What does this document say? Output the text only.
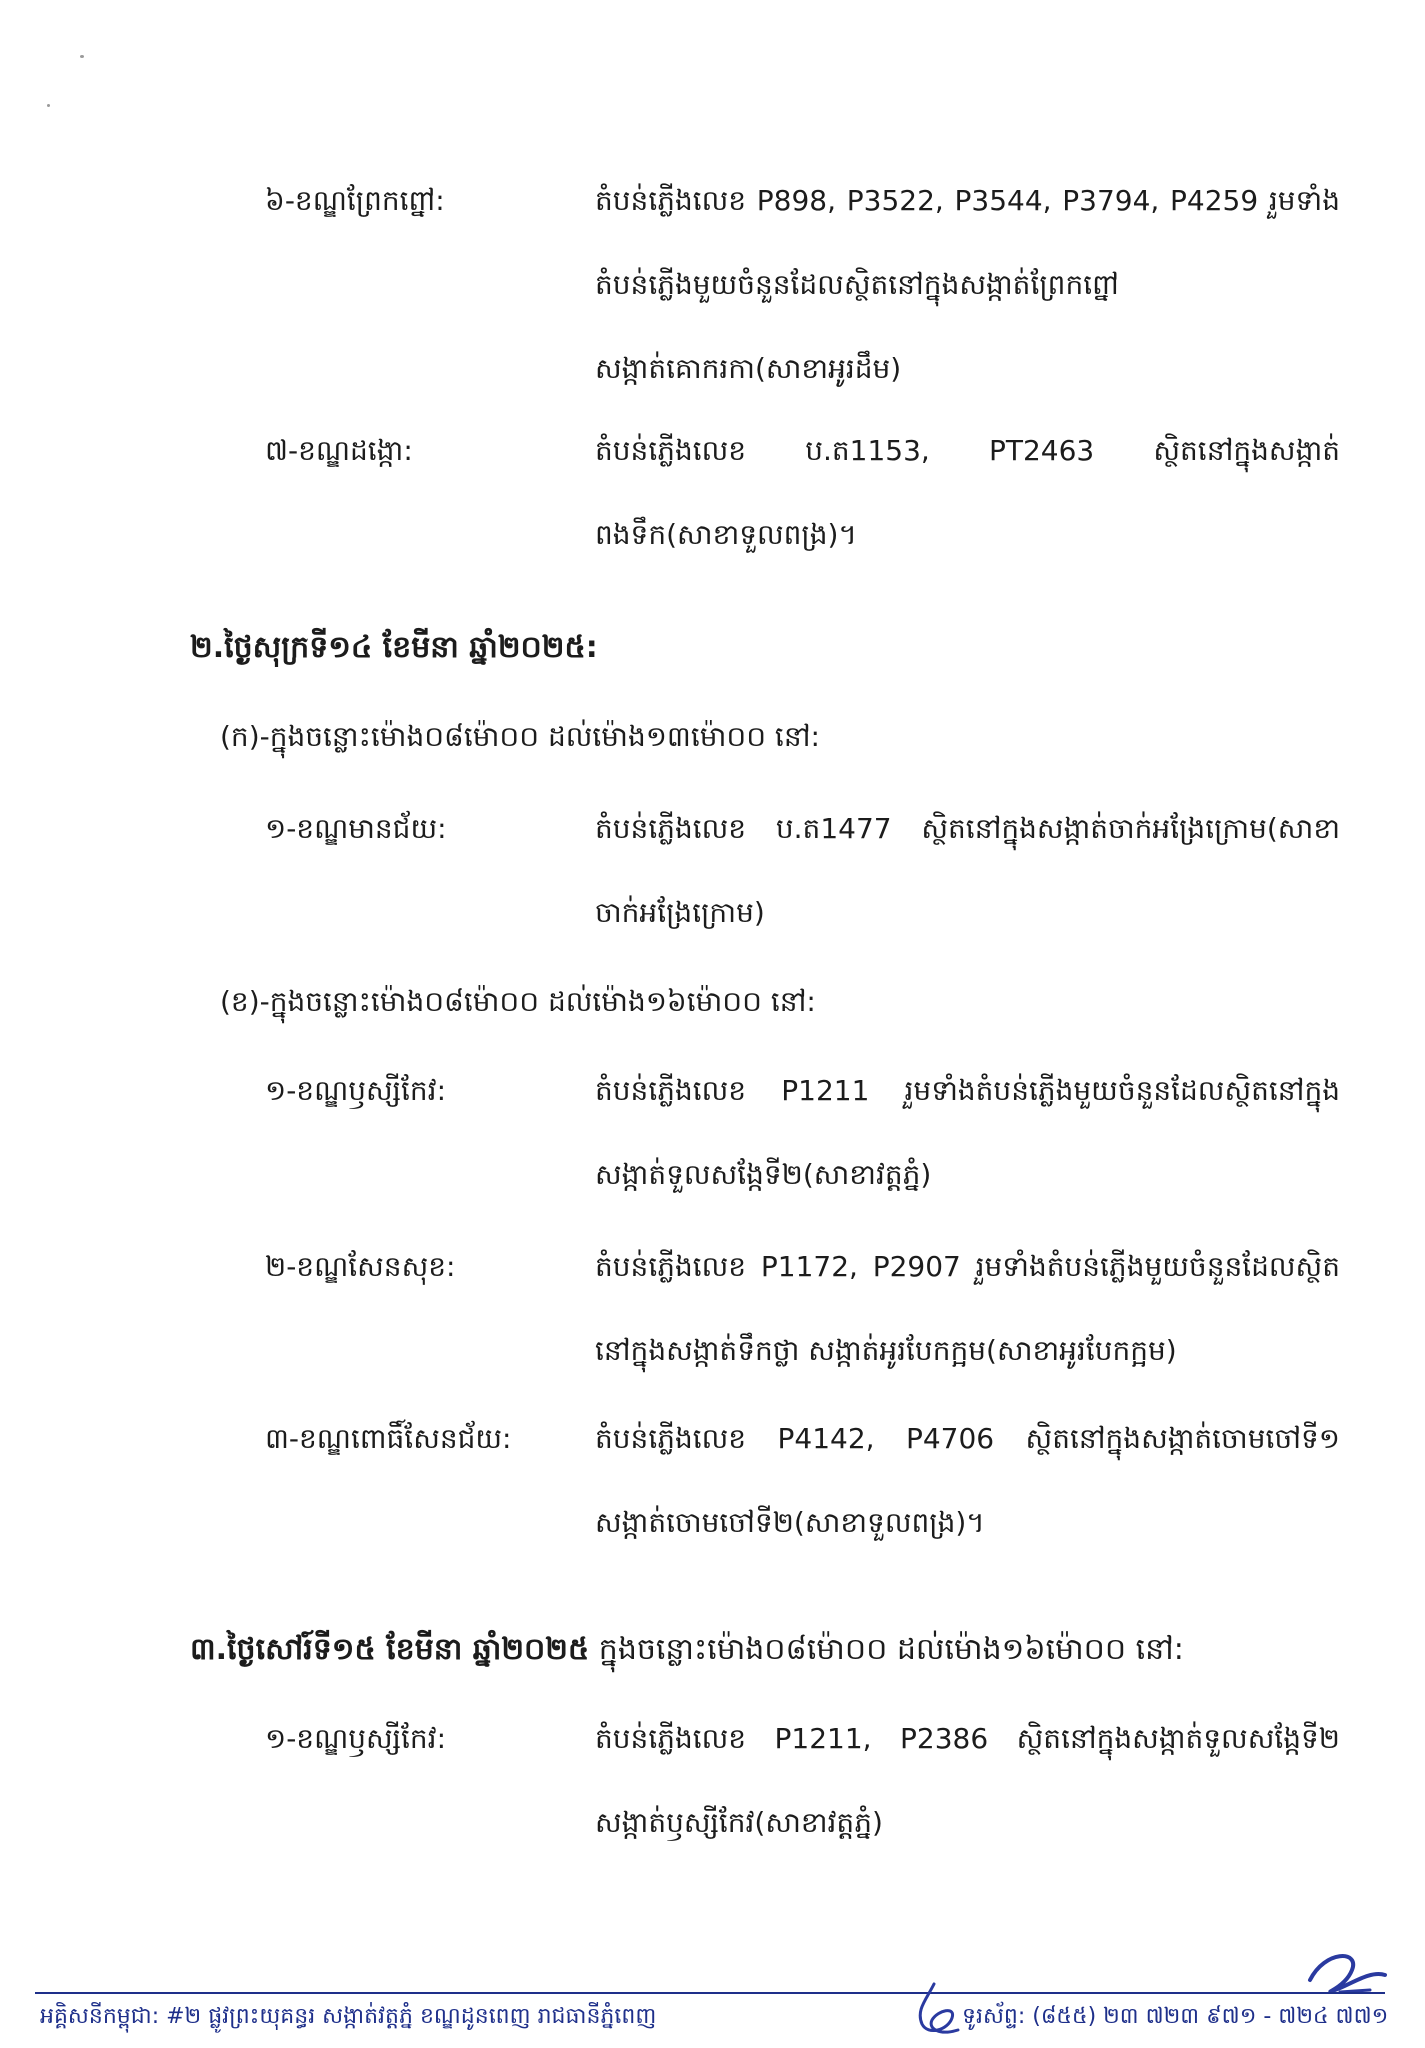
៦-ខណ្ឌព្រែកព្នៅ:	តំបន់ភ្លើងលេខ P898, P3522, P3544, P3794, P4259 រួមទាំងតំបន់ភ្លើងមួយចំនួនដែលស្ថិតនៅក្នុងសង្កាត់ព្រែកព្នៅ សង្កាត់គោករកា(សាខាអូរដឹម)
៧-ខណ្ឌដង្កោ:	តំបន់ភ្លើងលេខ ប.ត1153, PT2463 ស្ថិតនៅក្នុងសង្កាត់ពងទឹក(សាខាទួលពង្រ)។
២.ថ្ងៃសុក្រទី១៤ ខែមីនា ឆ្នាំ២០២៥:
(ក)-ក្នុងចន្លោះម៉ោង០៨ម៉ោ០០ ដល់ម៉ោង១៣ម៉ោ០០ នៅ:
១-ខណ្ឌមានជ័យ:	តំបន់ភ្លើងលេខ ប.ត1477 ស្ថិតនៅក្នុងសង្កាត់ចាក់អង្រែក្រោម(សាខាចាក់អង្រែក្រោម)
(ខ)-ក្នុងចន្លោះម៉ោង០៨ម៉ោ០០ ដល់ម៉ោង១៦ម៉ោ០០ នៅ:
១-ខណ្ឌឫស្សីកែវ:	តំបន់ភ្លើងលេខ P1211 រួមទាំងតំបន់ភ្លើងមួយចំនួនដែលស្ថិតនៅក្នុងសង្កាត់ទួលសង្កែទី២(សាខាវត្តភ្នំ)
២-ខណ្ឌសែនសុខ:	តំបន់ភ្លើងលេខ P1172, P2907 រួមទាំងតំបន់ភ្លើងមួយចំនួនដែលស្ថិតនៅក្នុងសង្កាត់ទឹកថ្លា សង្កាត់អូរបែកក្អម(សាខាអូរបែកក្អម)
៣-ខណ្ឌពោធិ៍សែនជ័យ:	តំបន់ភ្លើងលេខ P4142, P4706 ស្ថិតនៅក្នុងសង្កាត់ចោមចៅទី១ សង្កាត់ចោមចៅទី២(សាខាទួលពង្រ)។
៣.ថ្ងៃសៅរ៍ទី១៥ ខែមីនា ឆ្នាំ២០២៥ ក្នុងចន្លោះម៉ោង០៨ម៉ោ០០ ដល់ម៉ោង១៦ម៉ោ០០ នៅ:
១-ខណ្ឌឫស្សីកែវ:	តំបន់ភ្លើងលេខ P1211, P2386 ស្ថិតនៅក្នុងសង្កាត់ទួលសង្កែទី២ សង្កាត់ឫស្សីកែវ(សាខាវត្តភ្នំ)
អគ្គិសនីកម្ពុជា: #២ ផ្លូវព្រះយុគន្ធរ សង្កាត់វត្តភ្នំ ខណ្ឌដូនពេញ រាជធានីភ្នំពេញ	ទូរស័ព្ទ: (៨៥៥) ២៣ ៧២៣ ៩៧១ - ៧២៤ ៧៧១
